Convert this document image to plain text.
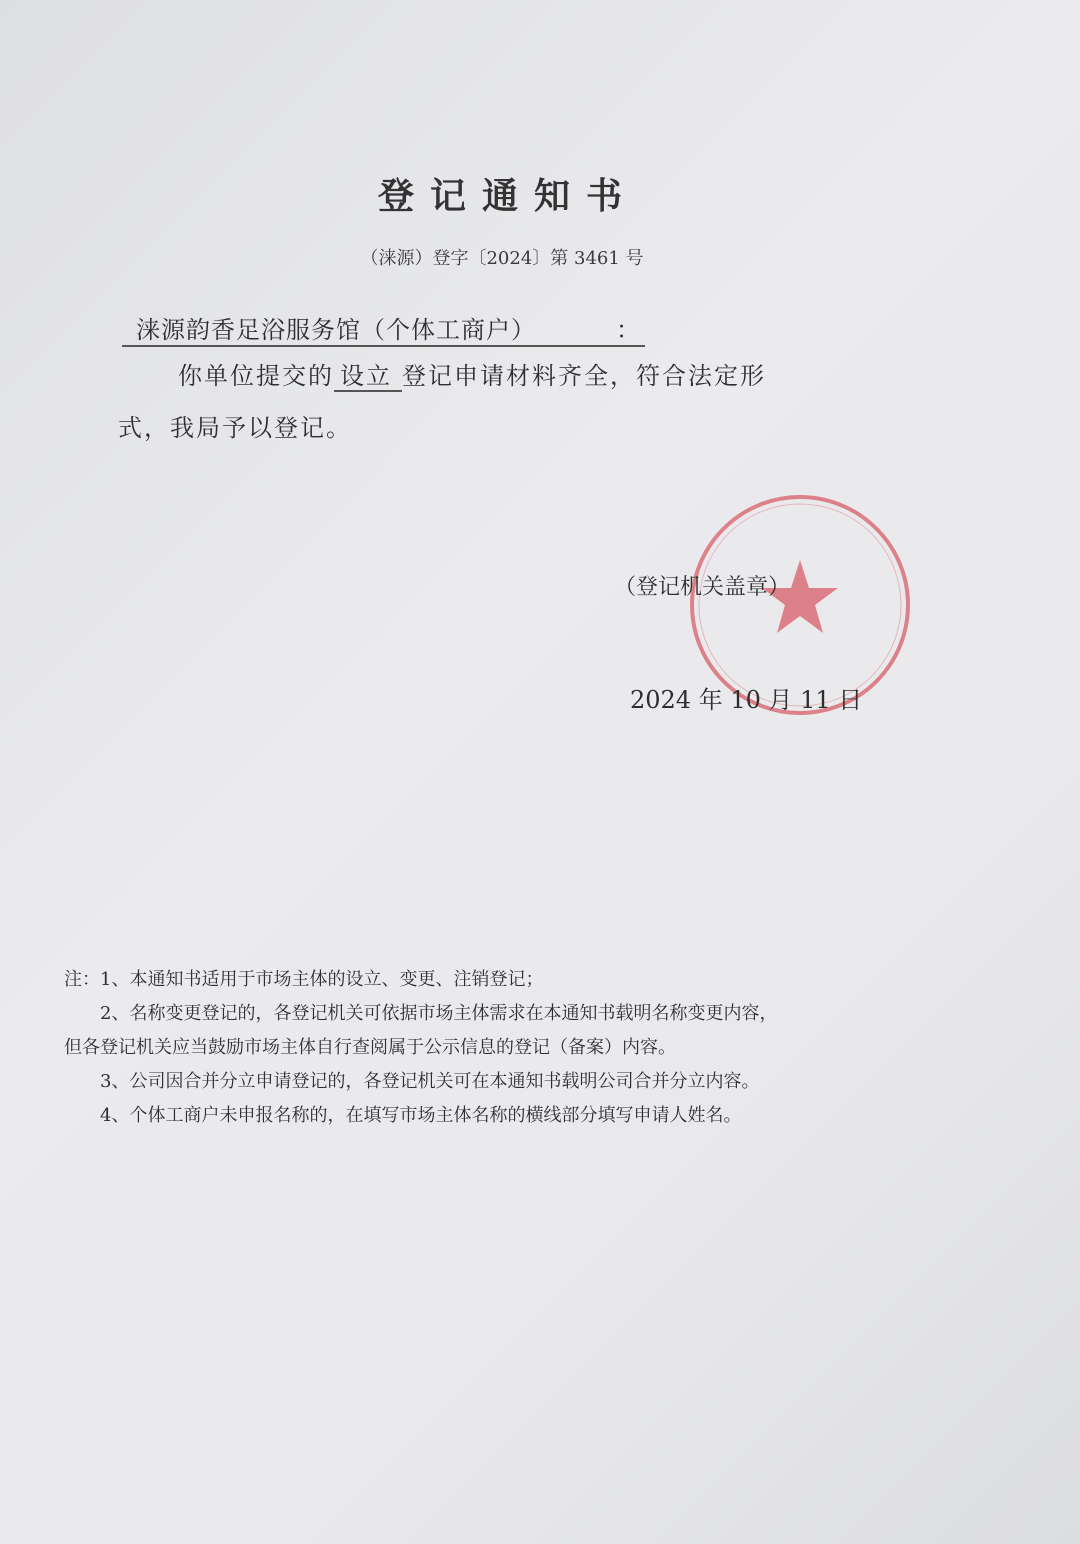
登记通知书
（涞源）登字〔2024〕第 3461 号
涞源韵香足浴服务馆（个体工商户）	：
你单位提交的 设立 登记申请材料齐全，符合法定形
式，我局予以登记。
（登记机关盖章）
2024 年 10 月 11 日
注：1、本通知书适用于市场主体的设立、变更、注销登记；
　　2、名称变更登记的，各登记机关可依据市场主体需求在本通知书载明名称变更内容，
但各登记机关应当鼓励市场主体自行查阅属于公示信息的登记（备案）内容。
　　3、公司因合并分立申请登记的，各登记机关可在本通知书载明公司合并分立内容。
　　4、个体工商户未申报名称的，在填写市场主体名称的横线部分填写申请人姓名。
